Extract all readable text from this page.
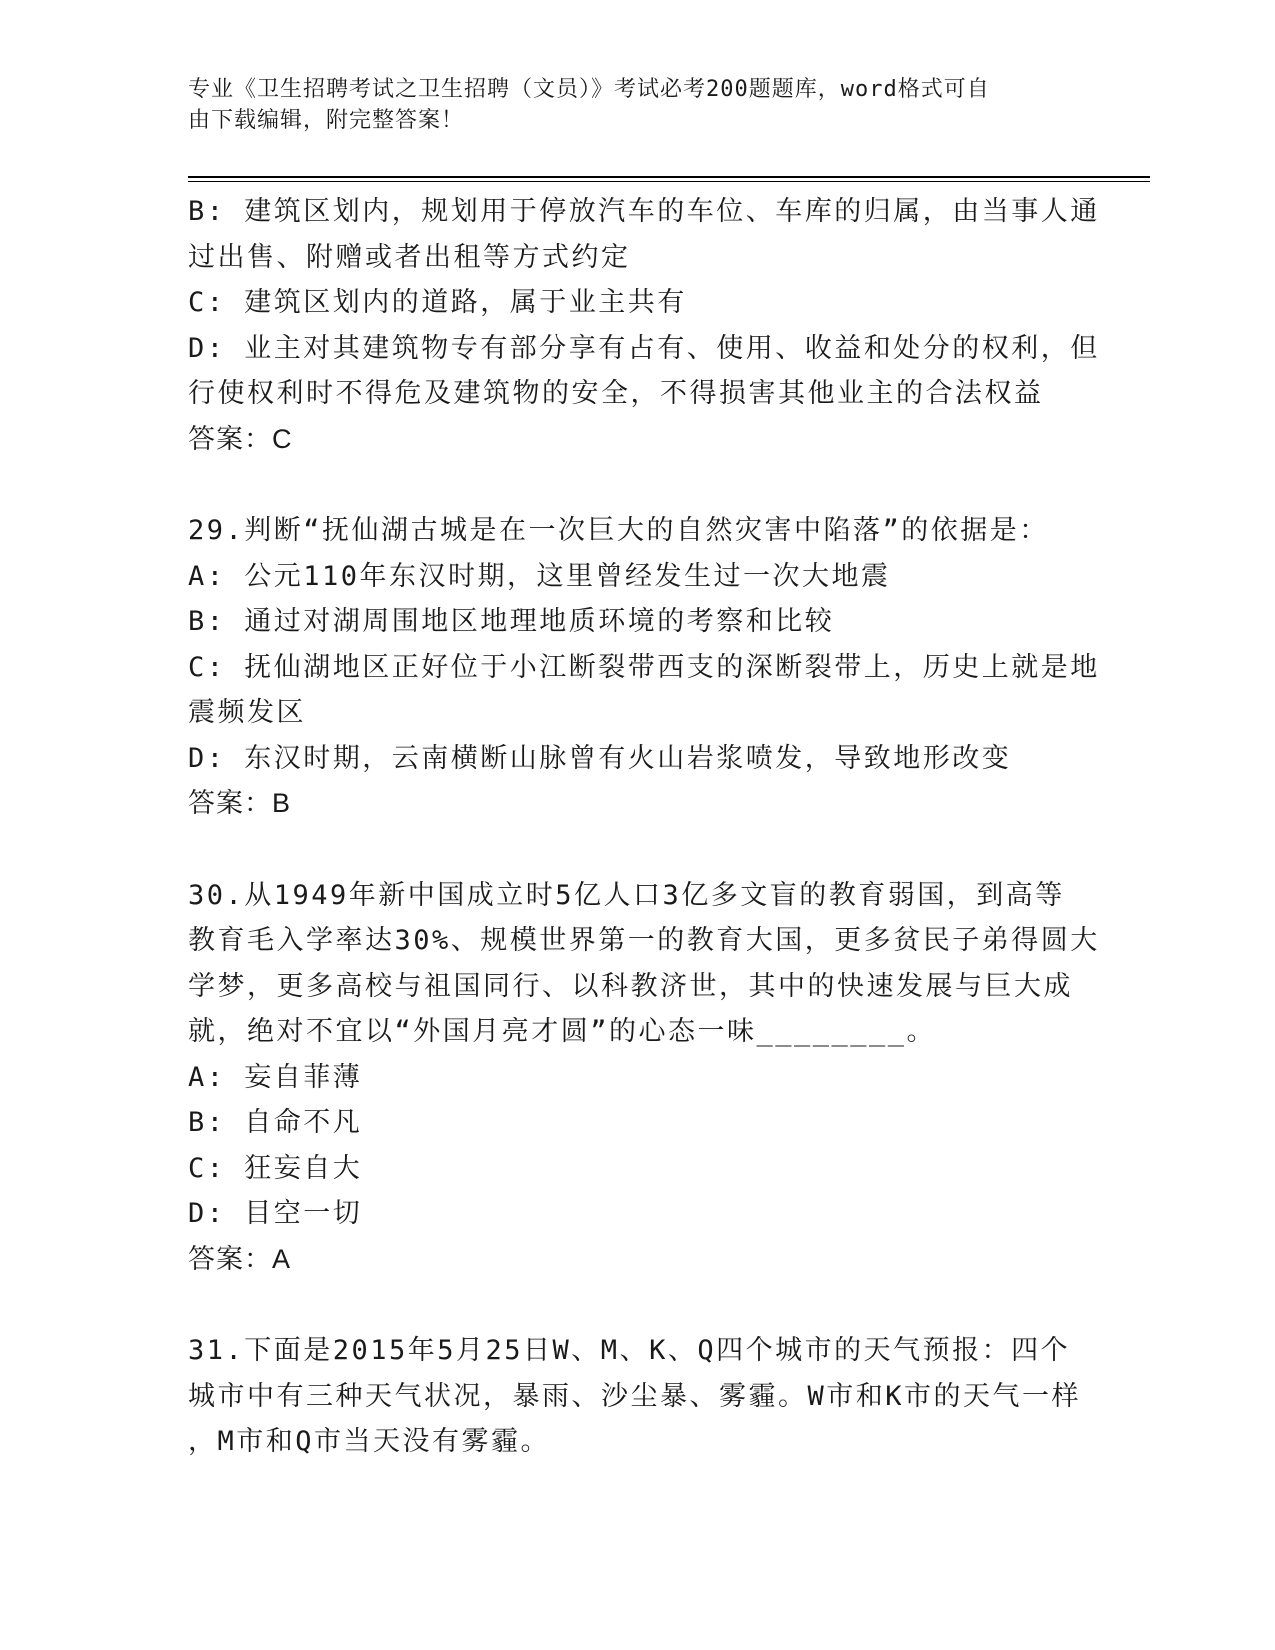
专业《卫生招聘考试之卫生招聘（文员）》考试必考200题题库，word格式可自
由下载编辑，附完整答案！
B: 建筑区划内，规划用于停放汽车的车位、车库的归属，由当事人通
过出售、附赠或者出租等方式约定
C: 建筑区划内的道路，属于业主共有
D: 业主对其建筑物专有部分享有占有、使用、收益和处分的权利，但
行使权利时不得危及建筑物的安全，不得损害其他业主的合法权益
答案：C
29.判断“抚仙湖古城是在一次巨大的自然灾害中陷落”的依据是：
A: 公元110年东汉时期，这里曾经发生过一次大地震
B: 通过对湖周围地区地理地质环境的考察和比较
C: 抚仙湖地区正好位于小江断裂带西支的深断裂带上，历史上就是地
震频发区
D: 东汉时期，云南横断山脉曾有火山岩浆喷发，导致地形改变
答案：B
30.从1949年新中国成立时5亿人口3亿多文盲的教育弱国，到高等
教育毛入学率达30%、规模世界第一的教育大国，更多贫民子弟得圆大
学梦，更多高校与祖国同行、以科教济世，其中的快速发展与巨大成
就，绝对不宜以“外国月亮才圆”的心态一味________。
A: 妄自菲薄
B: 自命不凡
C: 狂妄自大
D: 目空一切
答案：A
31.下面是2015年5月25日W、M、K、Q四个城市的天气预报：四个
城市中有三种天气状况，暴雨、沙尘暴、雾霾。W市和K市的天气一样
，M市和Q市当天没有雾霾。
